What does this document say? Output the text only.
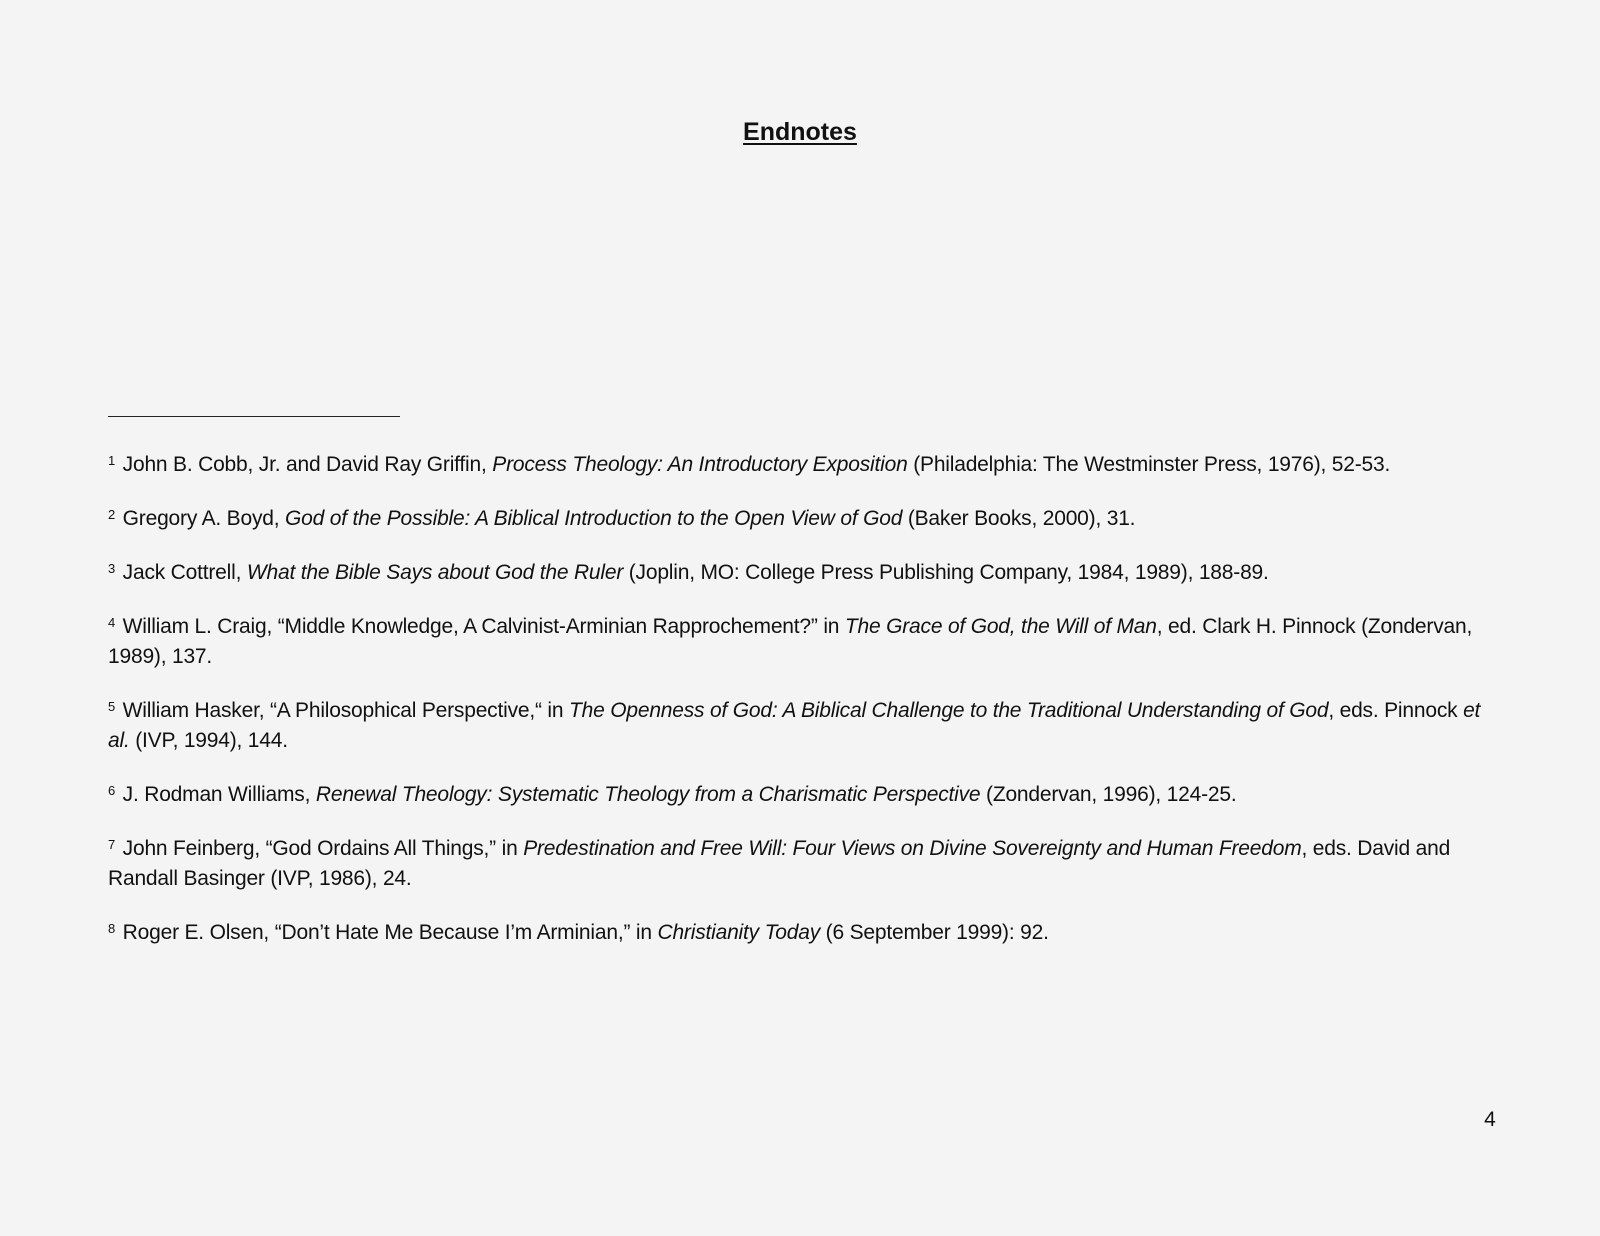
Endnotes
$^1$ John B. Cobb, Jr. and David Ray Griffin, Process Theology: An Introductory Exposition (Philadelphia: The Westminster Press, 1976), 52-53.
$^2$ Gregory A. Boyd, God of the Possible: A Biblical Introduction to the Open View of God (Baker Books, 2000), 31.
$^3$ Jack Cottrell, What the Bible Says about God the Ruler (Joplin, MO: College Press Publishing Company, 1984, 1989), 188-89.
$^4$ William L. Craig, “Middle Knowledge, A Calvinist-Arminian Rapprochement?” in The Grace of God, the Will of Man, ed. Clark H. Pinnock (Zondervan, 1989), 137.
$^5$ William Hasker, “A Philosophical Perspective,“ in The Openness of God: A Biblical Challenge to the Traditional Understanding of God, eds. Pinnock et al. (IVP, 1994), 144.
$^6$ J. Rodman Williams, Renewal Theology: Systematic Theology from a Charismatic Perspective (Zondervan, 1996), 124-25.
$^7$ John Feinberg, “God Ordains All Things,” in Predestination and Free Will: Four Views on Divine Sovereignty and Human Freedom, eds. David and Randall Basinger (IVP, 1986), 24.
$^8$ Roger E. Olsen, “Don’t Hate Me Because I’m Arminian,” in Christianity Today (6 September 1999): 92.
4
